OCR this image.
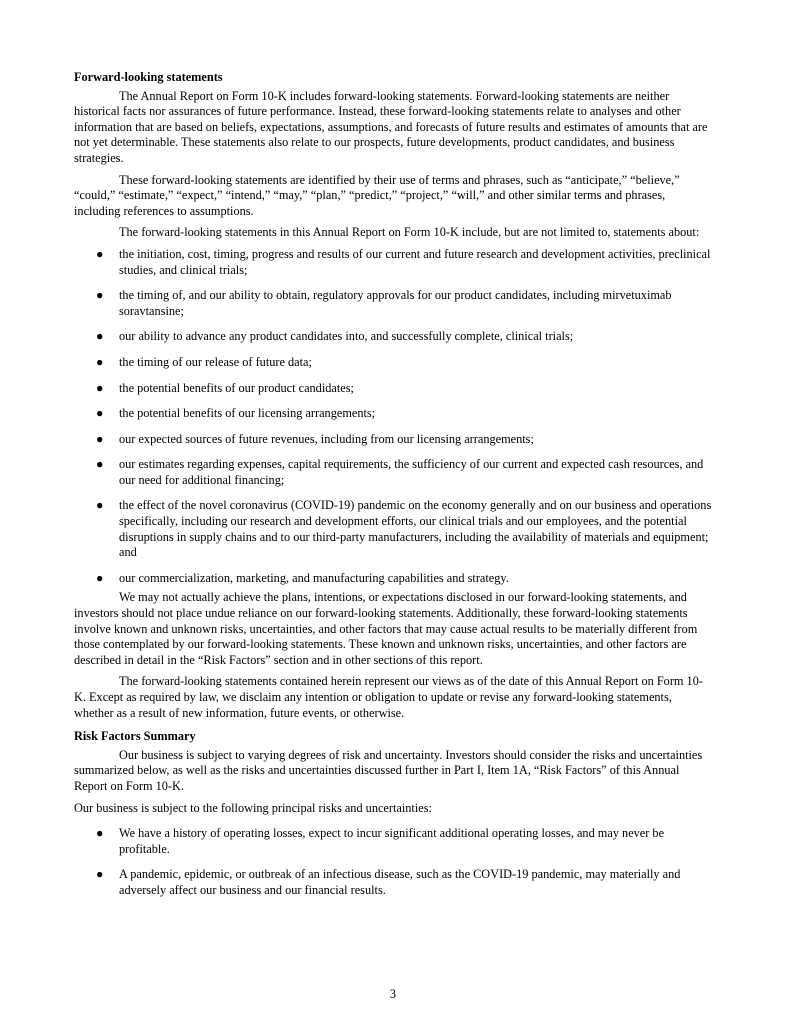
Forward-looking statements

The Annual Report on Form 10-K includes forward-looking statements. Forward-looking statements are neither historical facts nor assurances of future performance. Instead, these forward-looking statements relate to analyses and other information that are based on beliefs, expectations, assumptions, and forecasts of future results and estimates of amounts that are not yet determinable. These statements also relate to our prospects, future developments, product candidates, and business strategies.

These forward-looking statements are identified by their use of terms and phrases, such as “anticipate,” “believe,” “could,” “estimate,” “expect,” “intend,” “may,” “plan,” “predict,” “project,” “will,” and other similar terms and phrases, including references to assumptions.

The forward-looking statements in this Annual Report on Form 10-K include, but are not limited to, statements about:

● the initiation, cost, timing, progress and results of our current and future research and development activities, preclinical studies, and clinical trials;
● the timing of, and our ability to obtain, regulatory approvals for our product candidates, including mirvetuximab soravtansine;
● our ability to advance any product candidates into, and successfully complete, clinical trials;
● the timing of our release of future data;
● the potential benefits of our product candidates;
● the potential benefits of our licensing arrangements;
● our expected sources of future revenues, including from our licensing arrangements;
● our estimates regarding expenses, capital requirements, the sufficiency of our current and expected cash resources, and our need for additional financing;
● the effect of the novel coronavirus (COVID-19) pandemic on the economy generally and on our business and operations specifically, including our research and development efforts, our clinical trials and our employees, and the potential disruptions in supply chains and to our third-party manufacturers, including the availability of materials and equipment; and
● our commercialization, marketing, and manufacturing capabilities and strategy.

We may not actually achieve the plans, intentions, or expectations disclosed in our forward-looking statements, and investors should not place undue reliance on our forward-looking statements. Additionally, these forward-looking statements involve known and unknown risks, uncertainties, and other factors that may cause actual results to be materially different from those contemplated by our forward-looking statements. These known and unknown risks, uncertainties, and other factors are described in detail in the “Risk Factors” section and in other sections of this report.

The forward-looking statements contained herein represent our views as of the date of this Annual Report on Form 10-K. Except as required by law, we disclaim any intention or obligation to update or revise any forward-looking statements, whether as a result of new information, future events, or otherwise.

Risk Factors Summary

Our business is subject to varying degrees of risk and uncertainty. Investors should consider the risks and uncertainties summarized below, as well as the risks and uncertainties discussed further in Part I, Item 1A, “Risk Factors” of this Annual Report on Form 10-K.

Our business is subject to the following principal risks and uncertainties:

● We have a history of operating losses, expect to incur significant additional operating losses, and may never be profitable.
● A pandemic, epidemic, or outbreak of an infectious disease, such as the COVID-19 pandemic, may materially and adversely affect our business and our financial results.
3
